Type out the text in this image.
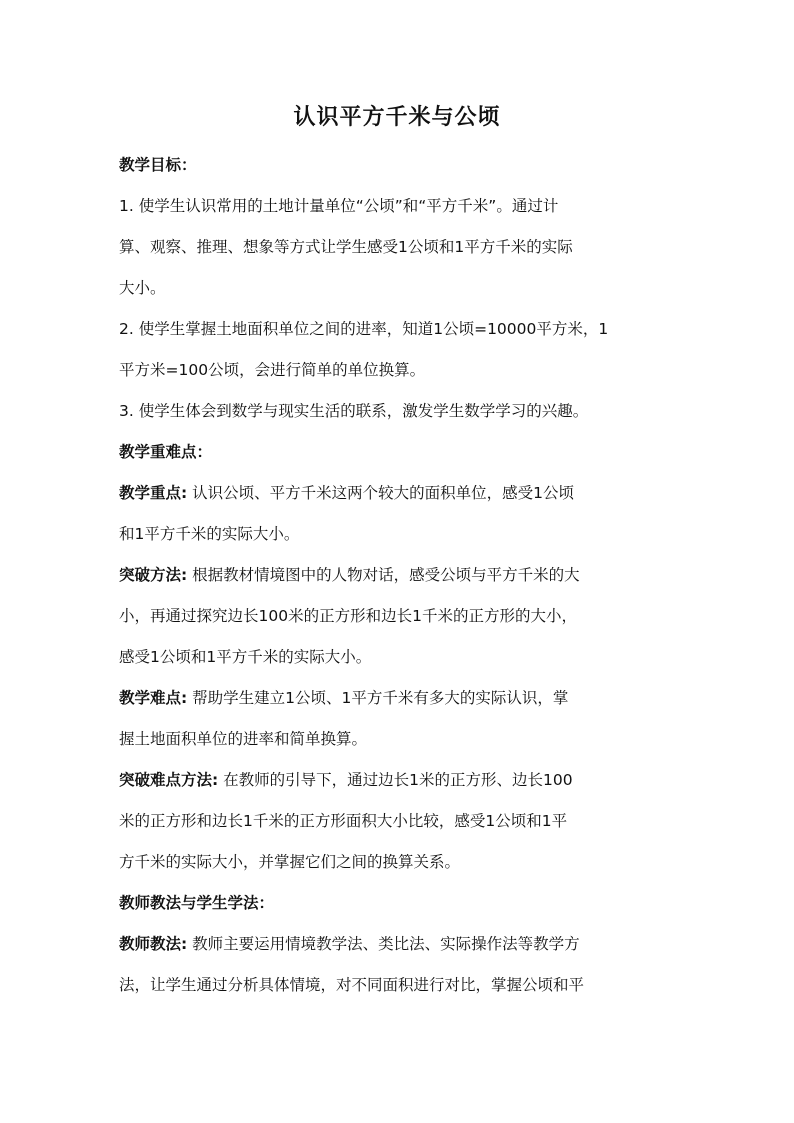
认识平方千米与公顷

教学目标：

1. 使学生认识常用的土地计量单位“公顷”和“平方千米”。通过计

算、观察、推理、想象等方式让学生感受1公顷和1平方千米的实际

大小。

2. 使学生掌握土地面积单位之间的进率，知道1公顷=10000平方米，1

平方米=100公顷，会进行简单的单位换算。

3. 使学生体会到数学与现实生活的联系，激发学生数学学习的兴趣。

教学重难点：

教学重点: 认识公顷、平方千米这两个较大的面积单位，感受1公顷

和1平方千米的实际大小。

突破方法: 根据教材情境图中的人物对话，感受公顷与平方千米的大

小，再通过探究边长100米的正方形和边长1千米的正方形的大小，

感受1公顷和1平方千米的实际大小。

教学难点: 帮助学生建立1公顷、1平方千米有多大的实际认识，掌

握土地面积单位的进率和简单换算。

突破难点方法: 在教师的引导下，通过边长1米的正方形、边长100

米的正方形和边长1千米的正方形面积大小比较，感受1公顷和1平

方千米的实际大小，并掌握它们之间的换算关系。

教师教法与学生学法：

教师教法: 教师主要运用情境教学法、类比法、实际操作法等教学方

法，让学生通过分析具体情境，对不同面积进行对比，掌握公顷和平
